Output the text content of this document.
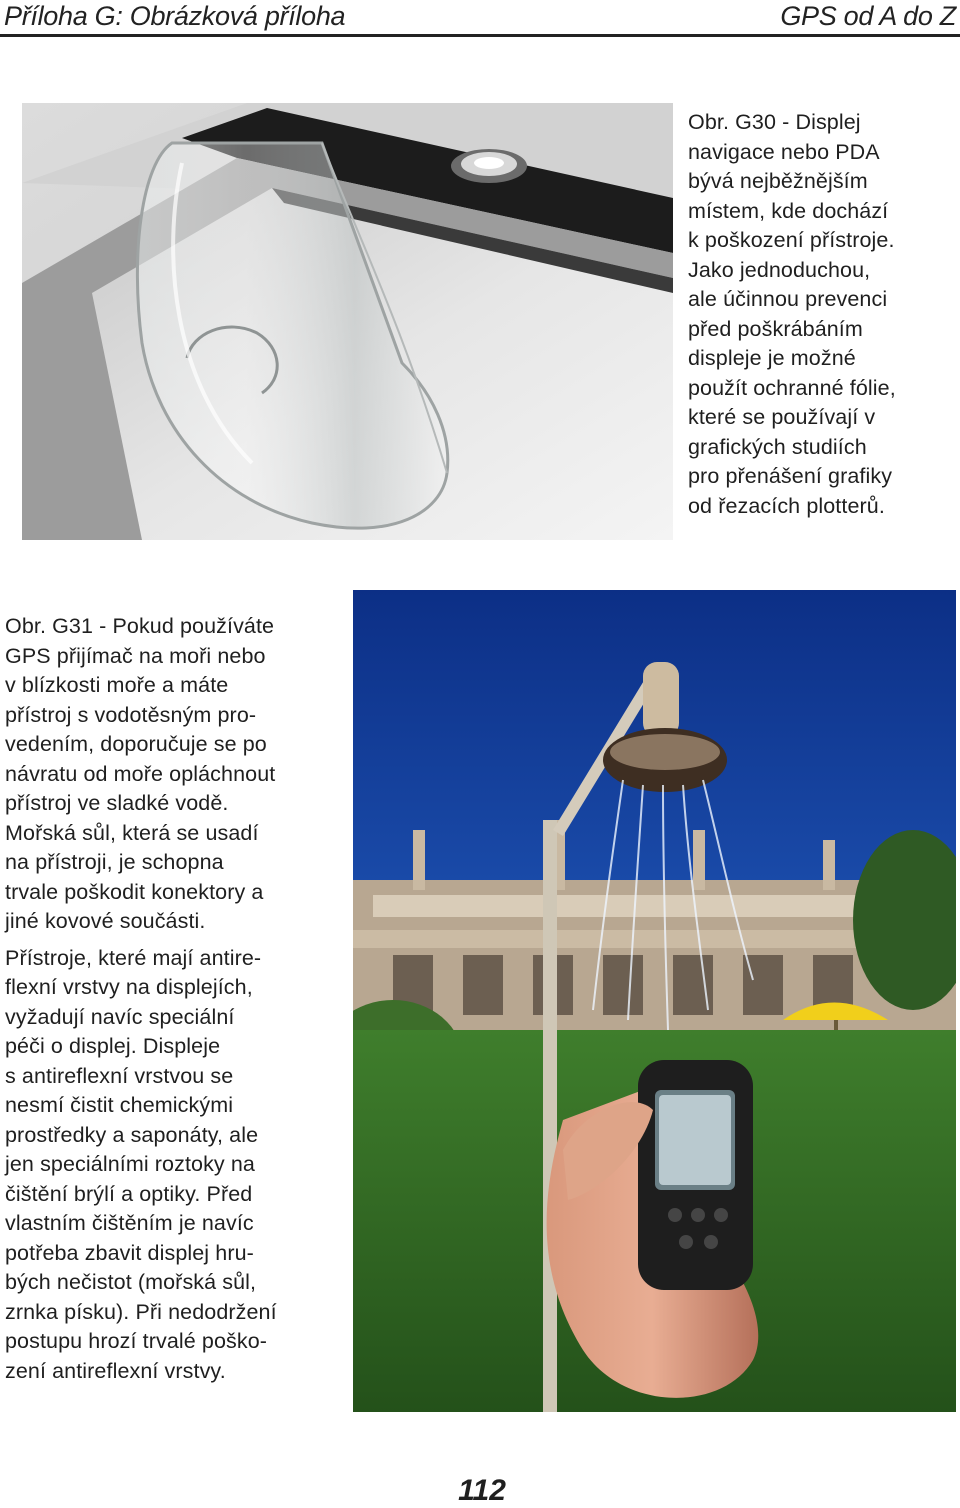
Příloha G: Obrázková příloha	GPS od A do Z

Obr. G30 - Displej
navigace nebo PDA
bývá nejběžnějším
místem, kde dochází
k poškození přístroje.
Jako jednoduchou,
ale účinnou prevenci
před poškrábáním
displeje je možné
použít ochranné fólie,
které se používají v
grafických studiích
pro přenášení grafiky
od řezacích plotterů.

Obr. G31 - Pokud používáte
GPS přijímač na moři nebo
v blízkosti moře a máte
přístroj s vodotěsným pro-
vedením, doporučuje se po
návratu od moře opláchnout
přístroj ve sladké vodě.
Mořská sůl, která se usadí
na přístroji, je schopna
trvale poškodit konektory a
jiné kovové součásti.

Přístroje, které mají antire-
flexní vrstvy na displejích,
vyžadují navíc speciální
péči o displej. Displeje
s antireflexní vrstvou se
nesmí čistit chemickými
prostředky a saponáty, ale
jen speciálními roztoky na
čištění brýlí a optiky. Před
vlastním čištěním je navíc
potřeba zbavit displej hru-
bých nečistot (mořská sůl,
zrnka písku). Při nedodržení
postupu hrozí trvalé poško-
zení antireflexní vrstvy.

112
